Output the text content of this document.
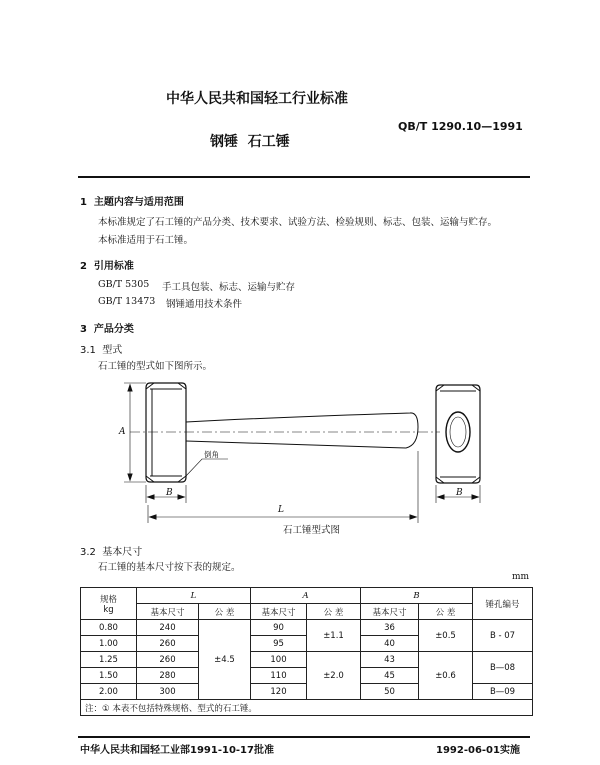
中华人民共和国轻工行业标准
QB/T 1290.10—1991
钢锤  石工锤
1  主题内容与适用范围
本标准规定了石工锤的产品分类、技术要求、试验方法、检验规则、标志、包装、运输与贮存。
本标准适用于石工锤。
2  引用标准
GB/T 5305 手工具包装、标志、运输与贮存
GB/T 13473 钢锤通用技术条件
3  产品分类
3.1  型式
石工锤的型式如下图所示。
A
B	B
L
倒角
石工锤型式图
3.2  基本尺寸
石工锤的基本尺寸按下表的规定。
mm
规格
kg	L		A		B		锤孔编号
	基本尺寸	公 差	基本尺寸	公 差	基本尺寸	公 差	
0.80	240	±4.5	90	±1.1	36	±0.5	B - 07
1.00	260		95		40		
1.25	260		100	±2.0	43	±0.6	B—08
1.50	280		110		45		
2.00	300		120		50		B—09
注：① 本表不包括特殊规格、型式的石工锤。							
中华人民共和国轻工业部1991-10-17批准	1992-06-01实施
